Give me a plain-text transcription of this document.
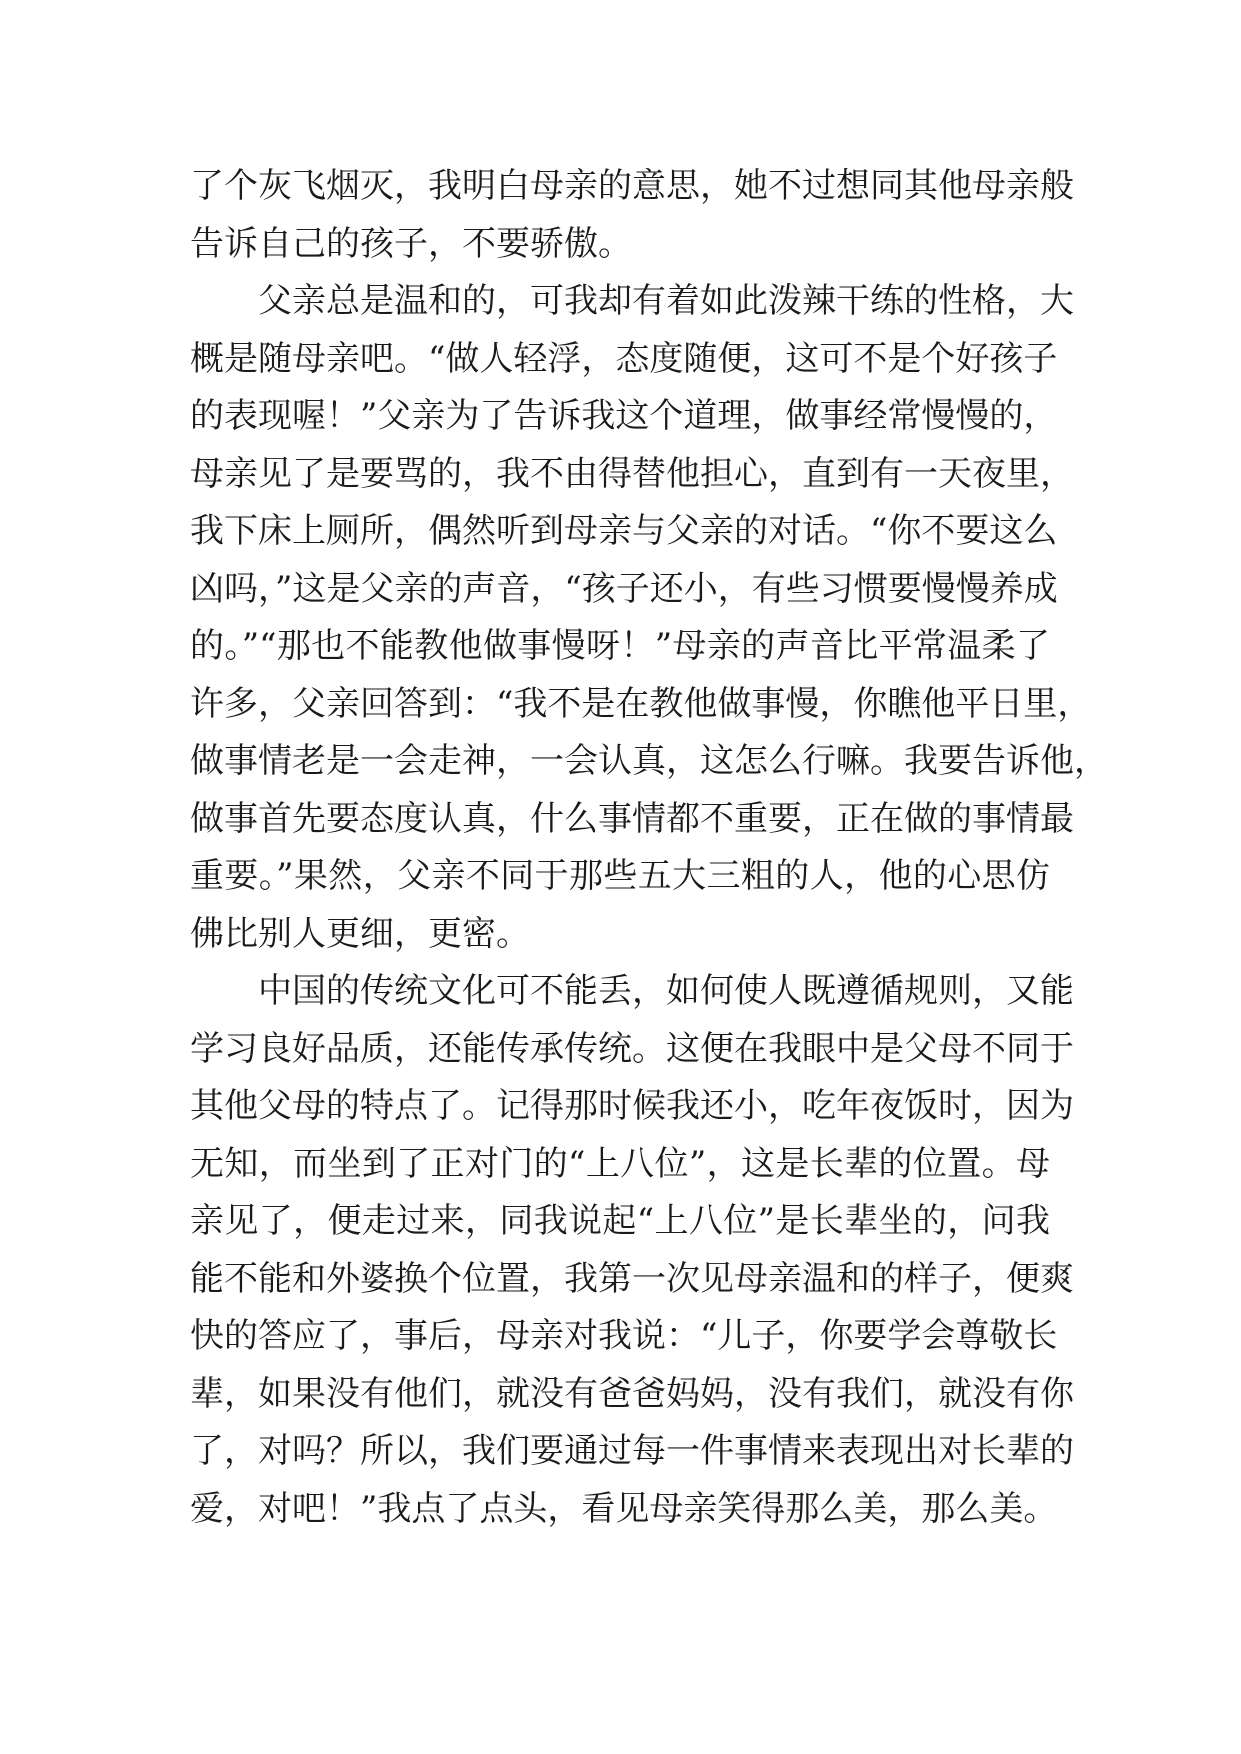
了个灰飞烟灭，我明白母亲的意思，她不过想同其他母亲般
告诉自己的孩子，不要骄傲。
父亲总是温和的，可我却有着如此泼辣干练的性格，大
概是随母亲吧。“做人轻浮，态度随便，这可不是个好孩子
的表现喔！”父亲为了告诉我这个道理，做事经常慢慢的，
母亲见了是要骂的，我不由得替他担心，直到有一天夜里，
我下床上厕所，偶然听到母亲与父亲的对话。“你不要这么
凶吗，”这是父亲的声音，“孩子还小，有些习惯要慢慢养成
的。”“那也不能教他做事慢呀！”母亲的声音比平常温柔了
许多，父亲回答到：“我不是在教他做事慢，你瞧他平日里，
做事情老是一会走神，一会认真，这怎么行嘛。我要告诉他，
做事首先要态度认真，什么事情都不重要，正在做的事情最
重要。”果然，父亲不同于那些五大三粗的人，他的心思仿
佛比别人更细，更密。
中国的传统文化可不能丢，如何使人既遵循规则，又能
学习良好品质，还能传承传统。这便在我眼中是父母不同于
其他父母的特点了。记得那时候我还小，吃年夜饭时，因为
无知，而坐到了正对门的“上八位”，这是长辈的位置。母
亲见了，便走过来，同我说起“上八位”是长辈坐的，问我
能不能和外婆换个位置，我第一次见母亲温和的样子，便爽
快的答应了，事后，母亲对我说：“儿子，你要学会尊敬长
辈，如果没有他们，就没有爸爸妈妈，没有我们，就没有你
了，对吗？所以，我们要通过每一件事情来表现出对长辈的
爱，对吧！”我点了点头，看见母亲笑得那么美，那么美。
